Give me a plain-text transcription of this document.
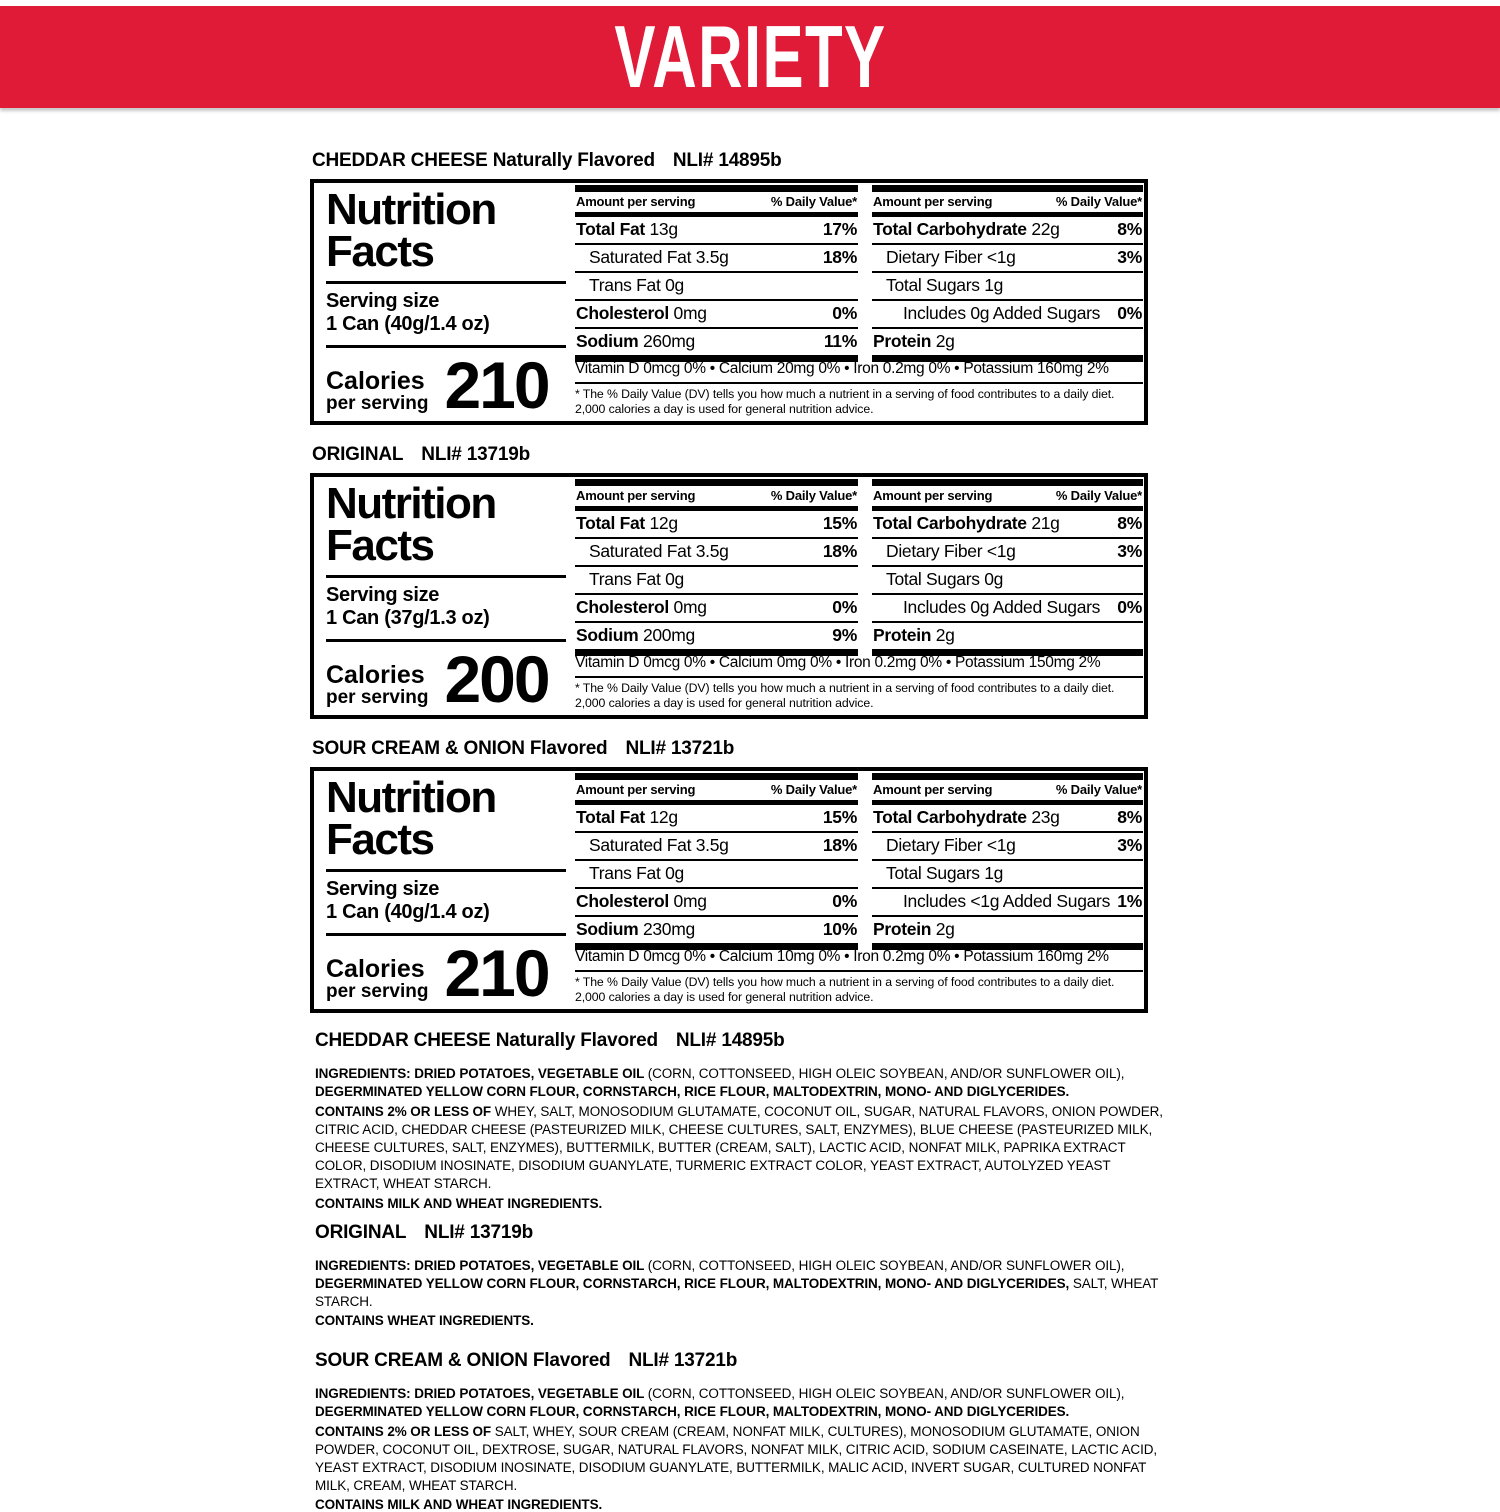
VARIETY
CHEDDAR CHEESE Naturally Flavored NLI# 14895b
Nutrition
Facts
Serving size
1 Can (40g/1.4 oz)
Calories
per serving 210
Amount per serving	% Daily Value*
Total Fat 13g	17%
Saturated Fat 3.5g	18%
Trans Fat 0g
Cholesterol 0mg	0%
Sodium 260mg	11%
Amount per serving	% Daily Value*
Total Carbohydrate 22g	8%
Dietary Fiber <1g	3%
Total Sugars 1g
Includes 0g Added Sugars 0%
Protein 2g
Vitamin D 0mcg 0% • Calcium 20mg 0% • Iron 0.2mg 0% • Potassium 160mg 2%
* The % Daily Value (DV) tells you how much a nutrient in a serving of food contributes to a daily diet. 2,000 calories a day is used for general nutrition advice.
ORIGINAL NLI# 13719b
Nutrition
Facts
Serving size
1 Can (37g/1.3 oz)
Calories
per serving 200
Amount per serving	% Daily Value*
Total Fat 12g	15%
Saturated Fat 3.5g	18%
Trans Fat 0g
Cholesterol 0mg	0%
Sodium 200mg	9%
Amount per serving	% Daily Value*
Total Carbohydrate 21g	8%
Dietary Fiber <1g	3%
Total Sugars 0g
Includes 0g Added Sugars 0%
Protein 2g
Vitamin D 0mcg 0% • Calcium 0mg 0% • Iron 0.2mg 0% • Potassium 150mg 2%
* The % Daily Value (DV) tells you how much a nutrient in a serving of food contributes to a daily diet. 2,000 calories a day is used for general nutrition advice.
SOUR CREAM & ONION Flavored NLI# 13721b
Nutrition
Facts
Serving size
1 Can (40g/1.4 oz)
Calories
per serving 210
Amount per serving	% Daily Value*
Total Fat 12g	15%
Saturated Fat 3.5g	18%
Trans Fat 0g
Cholesterol 0mg	0%
Sodium 230mg	10%
Amount per serving	% Daily Value*
Total Carbohydrate 23g	8%
Dietary Fiber <1g	3%
Total Sugars 1g
Includes <1g Added Sugars 1%
Protein 2g
Vitamin D 0mcg 0% • Calcium 10mg 0% • Iron 0.2mg 0% • Potassium 160mg 2%
* The % Daily Value (DV) tells you how much a nutrient in a serving of food contributes to a daily diet. 2,000 calories a day is used for general nutrition advice.
CHEDDAR CHEESE Naturally Flavored NLI# 14895b

INGREDIENTS: DRIED POTATOES, VEGETABLE OIL (CORN, COTTONSEED, HIGH OLEIC SOYBEAN, AND/OR SUNFLOWER OIL), DEGERMINATED YELLOW CORN FLOUR, CORNSTARCH, RICE FLOUR, MALTODEXTRIN, MONO- AND DIGLYCERIDES.

CONTAINS 2% OR LESS OF WHEY, SALT, MONOSODIUM GLUTAMATE, COCONUT OIL, SUGAR, NATURAL FLAVORS, ONION POWDER, CITRIC ACID, CHEDDAR CHEESE (PASTEURIZED MILK, CHEESE CULTURES, SALT, ENZYMES), BLUE CHEESE (PASTEURIZED MILK, CHEESE CULTURES, SALT, ENZYMES), BUTTERMILK, BUTTER (CREAM, SALT), LACTIC ACID, NONFAT MILK, PAPRIKA EXTRACT COLOR, DISODIUM INOSINATE, DISODIUM GUANYLATE, TURMERIC EXTRACT COLOR, YEAST EXTRACT, AUTOLYZED YEAST EXTRACT, WHEAT STARCH.

CONTAINS MILK AND WHEAT INGREDIENTS.

ORIGINAL NLI# 13719b

INGREDIENTS: DRIED POTATOES, VEGETABLE OIL (CORN, COTTONSEED, HIGH OLEIC SOYBEAN, AND/OR SUNFLOWER OIL), DEGERMINATED YELLOW CORN FLOUR, CORNSTARCH, RICE FLOUR, MALTODEXTRIN, MONO- AND DIGLYCERIDES, SALT, WHEAT STARCH.

CONTAINS WHEAT INGREDIENTS.

SOUR CREAM & ONION Flavored NLI# 13721b

INGREDIENTS: DRIED POTATOES, VEGETABLE OIL (CORN, COTTONSEED, HIGH OLEIC SOYBEAN, AND/OR SUNFLOWER OIL), DEGERMINATED YELLOW CORN FLOUR, CORNSTARCH, RICE FLOUR, MALTODEXTRIN, MONO- AND DIGLYCERIDES.

CONTAINS 2% OR LESS OF SALT, WHEY, SOUR CREAM (CREAM, NONFAT MILK, CULTURES), MONOSODIUM GLUTAMATE, ONION POWDER, COCONUT OIL, DEXTROSE, SUGAR, NATURAL FLAVORS, NONFAT MILK, CITRIC ACID, SODIUM CASEINATE, LACTIC ACID, YEAST EXTRACT, DISODIUM INOSINATE, DISODIUM GUANYLATE, BUTTERMILK, MALIC ACID, INVERT SUGAR, CULTURED NONFAT MILK, CREAM, WHEAT STARCH.

CONTAINS MILK AND WHEAT INGREDIENTS.
